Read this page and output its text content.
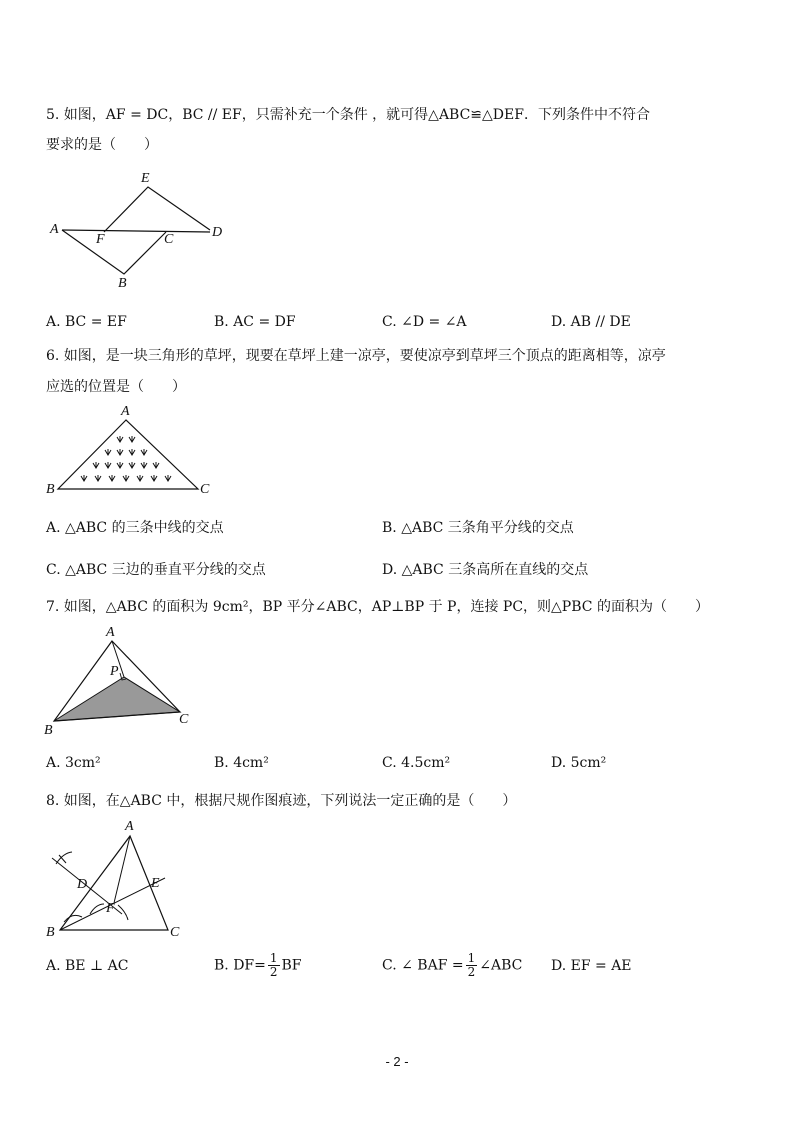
5. 如图，AF = DC，BC // EF，只需补充一个条件 ，就可得△ABC≌△DEF．下列条件中不符合
要求的是（　　）
A
E
F	C	D
B
A. BC = EF	B. AC = DF	C. ∠D = ∠A	D. AB // DE
6. 如图，是一块三角形的草坪，现要在草坪上建一凉亭，要使凉亭到草坪三个顶点的距离相等，凉亭
应选的位置是（　　）
A
B	C
A. △ABC 的三条中线的交点	B. △ABC 三条角平分线的交点
C. △ABC 三边的垂直平分线的交点	D. △ABC 三条高所在直线的交点
7. 如图，△ABC 的面积为 9cm²，BP 平分∠ABC，AP⊥BP 于 P，连接 PC，则△PBC 的面积为（　　）
A
P
B
C
A. 3cm²	B. 4cm²	C. 4.5cm²	D. 5cm²
8. 如图，在△ABC 中，根据尺规作图痕迹，下列说法一定正确的是（　　）
A
D	E
F
B	C
A. BE ⊥ AC	B. $DF= \frac{1}{2}$ BF	C. ∠ BAF = $\frac{1}{2}$ ∠ABC D. EF = AE
- 2 -
